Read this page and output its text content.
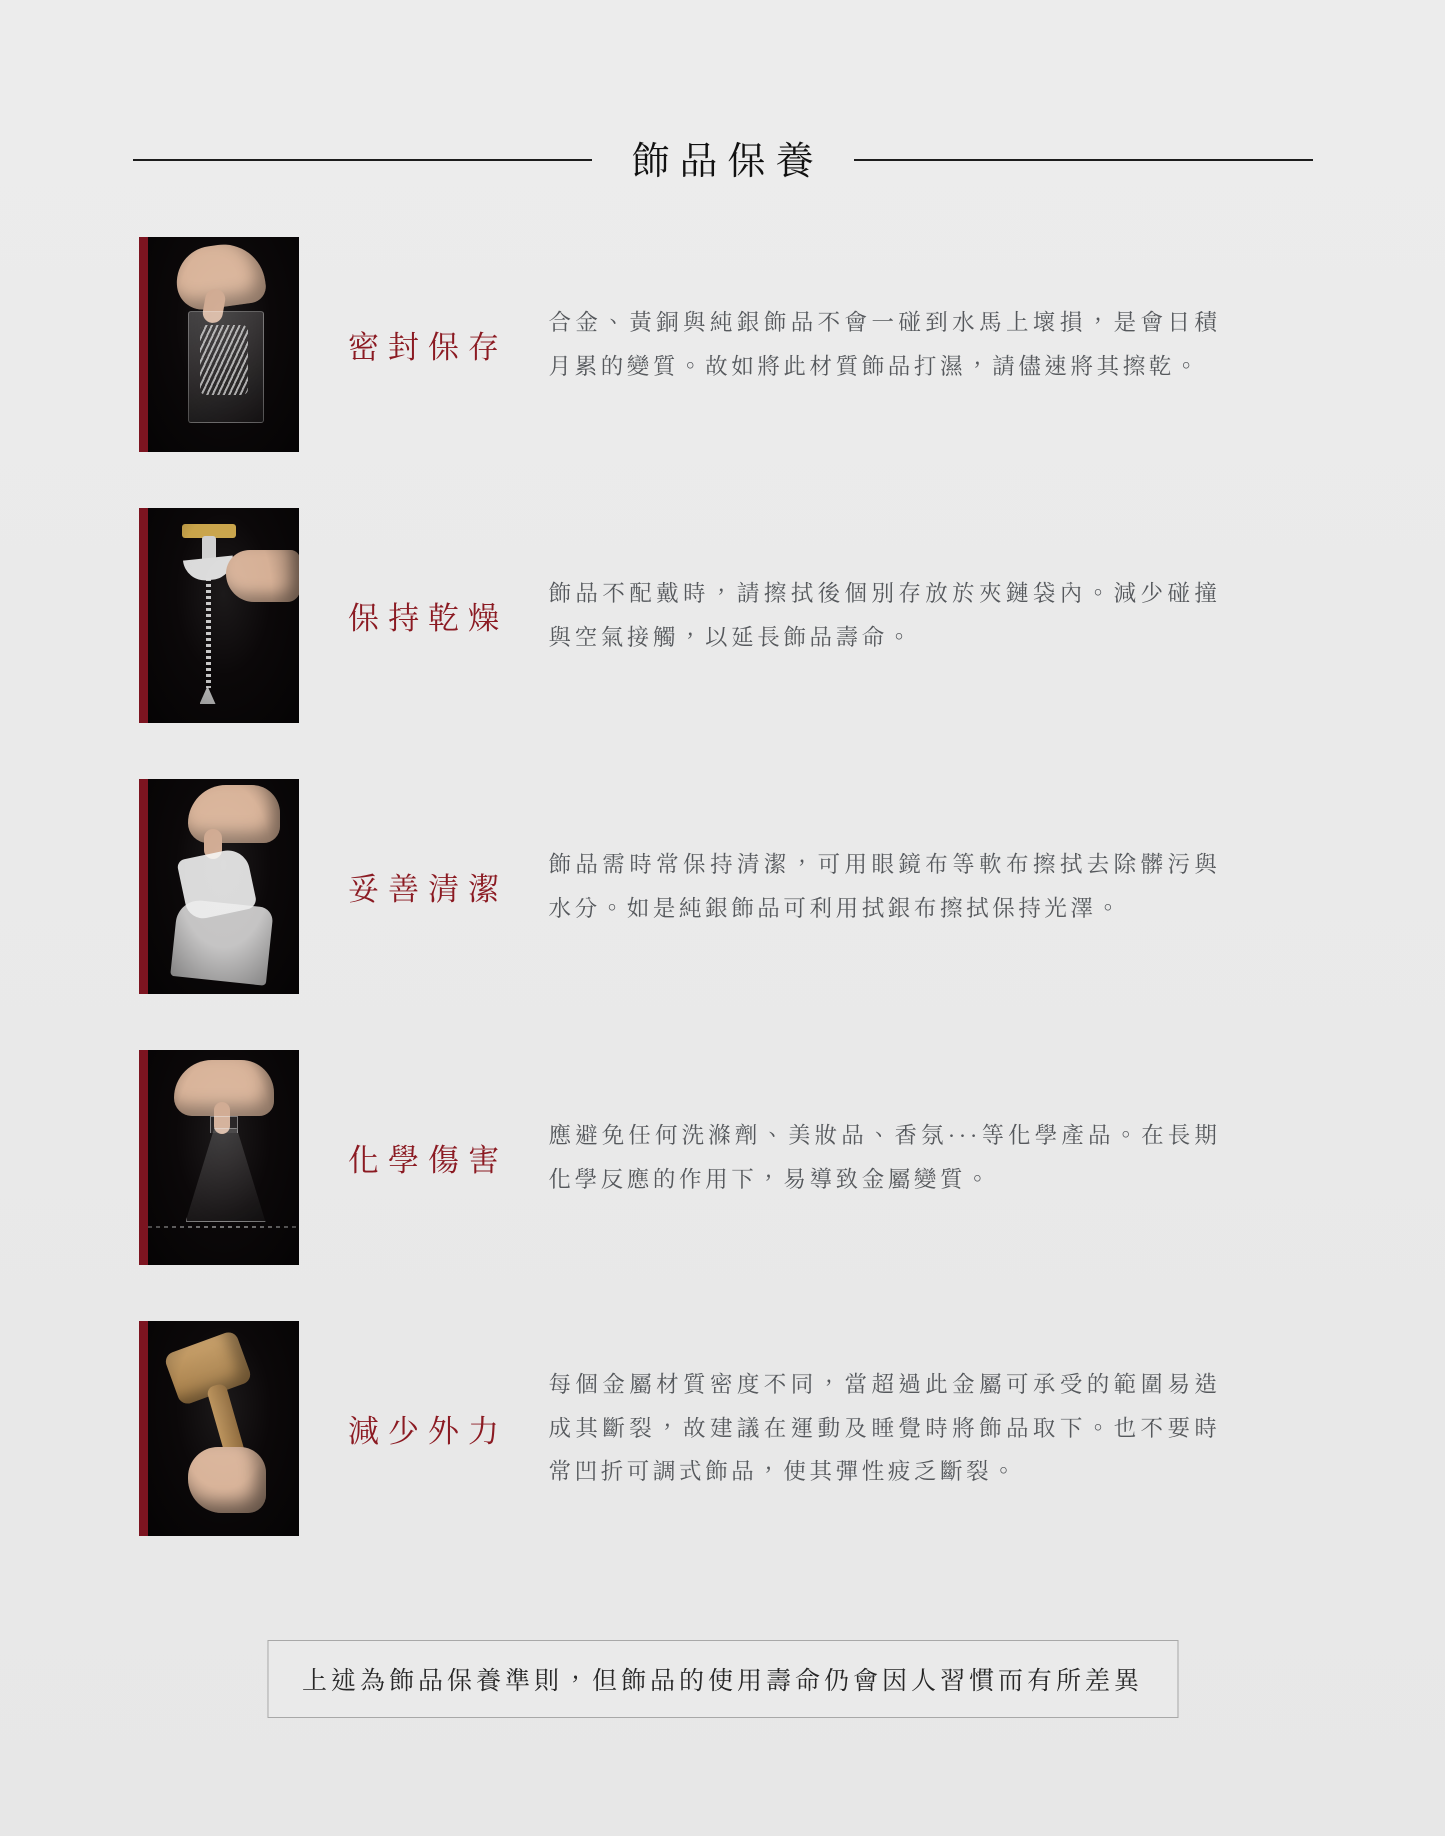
飾品保養
密封保存
合金、黃銅與純銀飾品不會一碰到水馬上壞損，是會日積月累的變質。故如將此材質飾品打濕，請儘速將其擦乾。
保持乾燥
飾品不配戴時，請擦拭後個別存放於夾鏈袋內。減少碰撞與空氣接觸，以延長飾品壽命。
妥善清潔
飾品需時常保持清潔，可用眼鏡布等軟布擦拭去除髒污與水分。如是純銀飾品可利用拭銀布擦拭保持光澤。
化學傷害
應避免任何洗滌劑、美妝品、香氛···等化學產品。在長期化學反應的作用下，易導致金屬變質。
減少外力
每個金屬材質密度不同，當超過此金屬可承受的範圍易造成其斷裂，故建議在運動及睡覺時將飾品取下。也不要時常凹折可調式飾品，使其彈性疲乏斷裂。
上述為飾品保養準則，但飾品的使用壽命仍會因人習慣而有所差異
